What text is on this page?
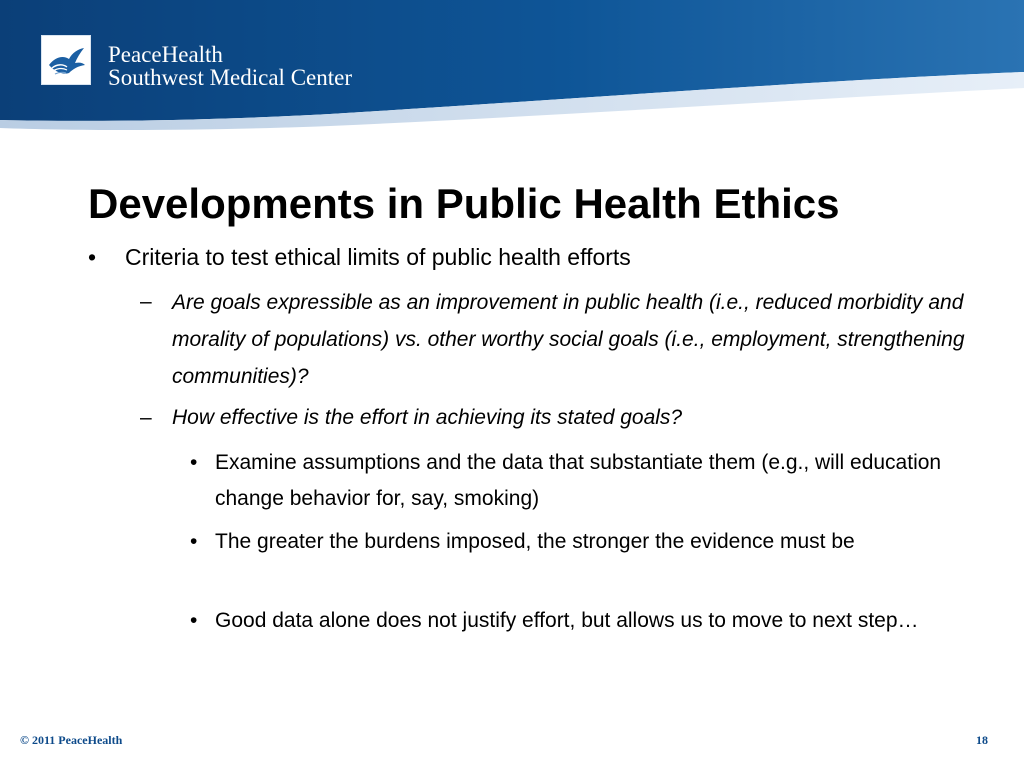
PeaceHealth
Southwest Medical Center
Developments in Public Health Ethics
• Criteria to test ethical limits of public health efforts
– Are goals expressible as an improvement in public health (i.e., reduced morbidity and morality of populations) vs. other worthy social goals (i.e., employment, strengthening communities)?
– How effective is the effort in achieving its stated goals?
• Examine assumptions and the data that substantiate them (e.g., will education change behavior for, say, smoking)
• The greater the burdens imposed, the stronger the evidence must be
• Good data alone does not justify effort, but allows us to move to next step…
© 2011 PeaceHealth	18
